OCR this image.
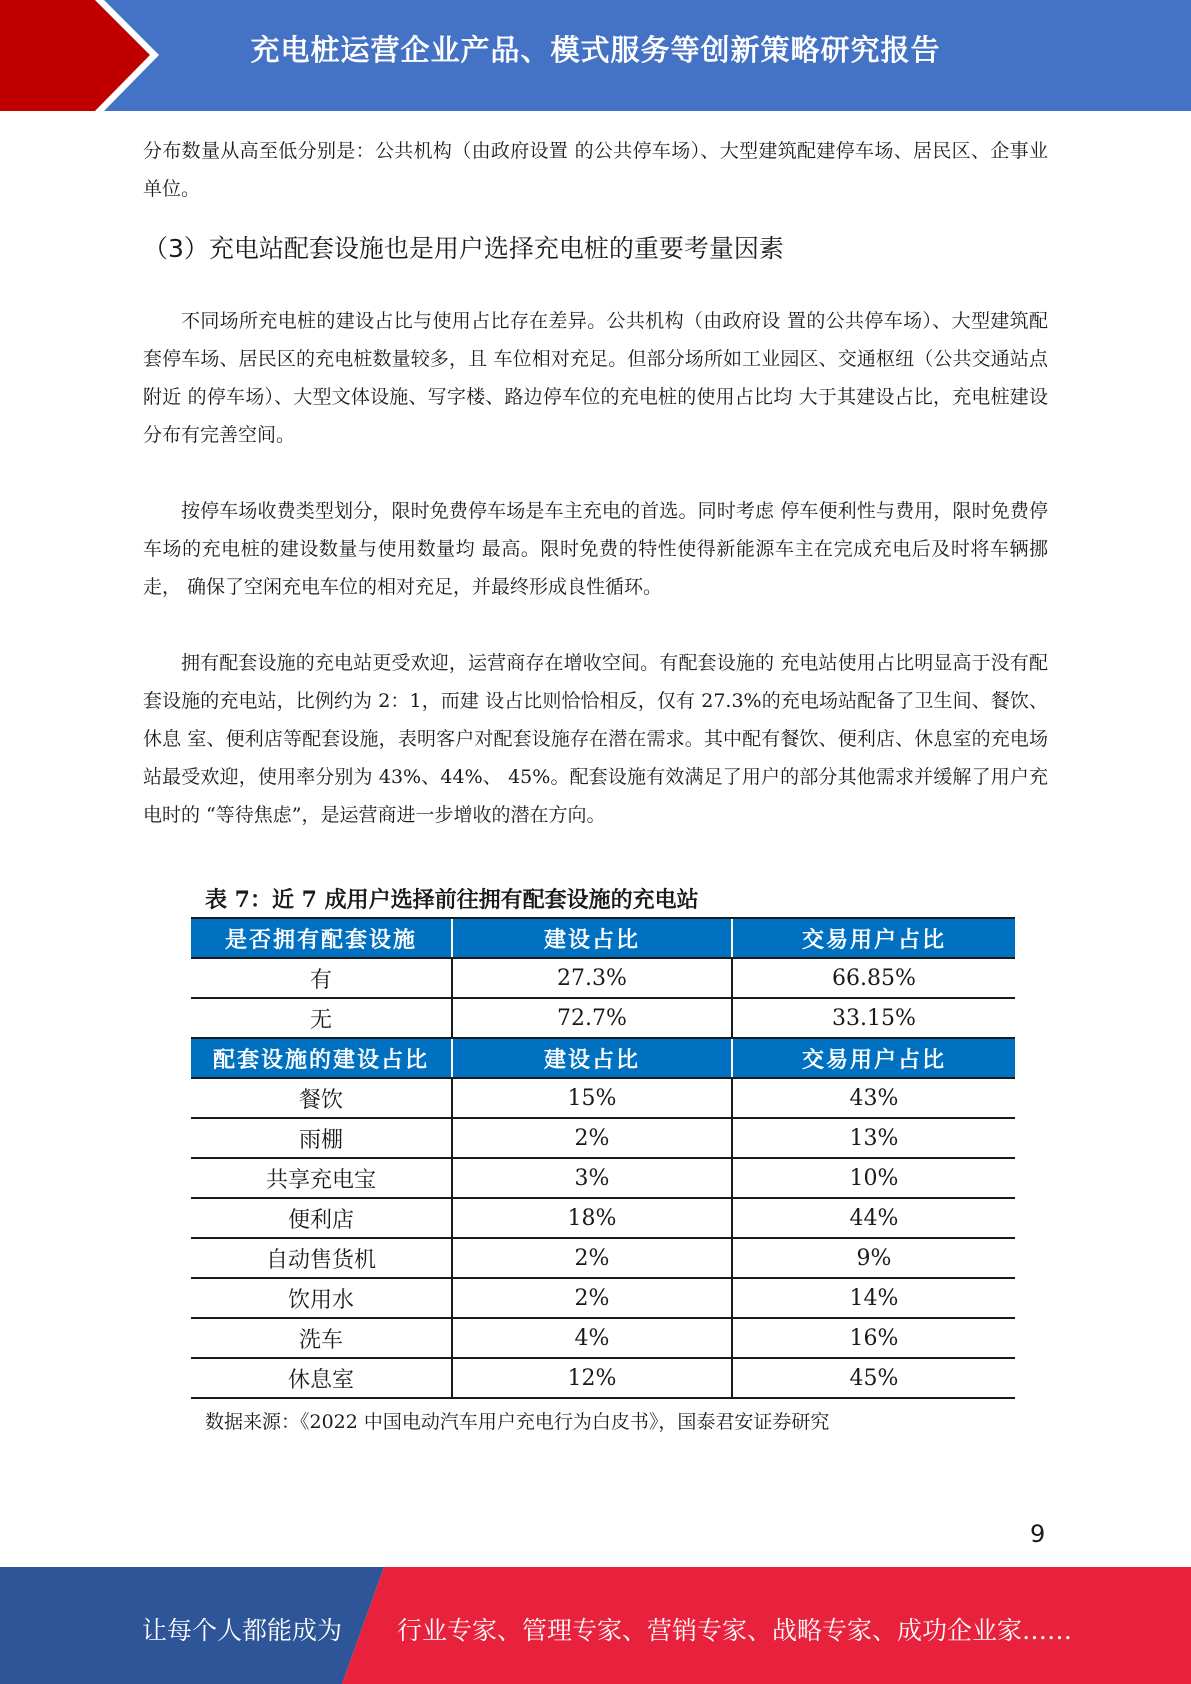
充电桩运营企业产品、模式服务等创新策略研究报告

分布数量从高至低分别是：公共机构（由政府设置 的公共停车场）、大型建筑配建停车场、居民区、企事业单位。

（3）充电站配套设施也是用户选择充电桩的重要考量因素

不同场所充电桩的建设占比与使用占比存在差异。公共机构（由政府设 置的公共停车场）、大型建筑配套停车场、居民区的充电桩数量较多，且 车位相对充足。但部分场所如工业园区、交通枢纽（公共交通站点附近 的停车场）、大型文体设施、写字楼、路边停车位的充电桩的使用占比均 大于其建设占比，充电桩建设分布有完善空间。

按停车场收费类型划分，限时免费停车场是车主充电的首选。同时考虑 停车便利性与费用，限时免费停车场的充电桩的建设数量与使用数量均 最高。限时免费的特性使得新能源车主在完成充电后及时将车辆挪走， 确保了空闲充电车位的相对充足，并最终形成良性循环。

拥有配套设施的充电站更受欢迎，运营商存在增收空间。有配套设施的 充电站使用占比明显高于没有配套设施的充电站，比例约为 2：1，而建 设占比则恰恰相反，仅有 27.3%的充电场站配备了卫生间、餐饮、休息 室、便利店等配套设施，表明客户对配套设施存在潜在需求。其中配有餐饮、便利店、休息室的充电场站最受欢迎，使用率分别为 43%、44%、 45%。配套设施有效满足了用户的部分其他需求并缓解了用户充电时的 “等待焦虑”，是运营商进一步增收的潜在方向。

表 7：近 7 成用户选择前往拥有配套设施的充电站
是否拥有配套设施	建设占比	交易用户占比
有	27.3%	66.85%
无	72.7%	33.15%
配套设施的建设占比	建设占比	交易用户占比
餐饮	15%	43%
雨棚	2%	13%
共享充电宝	3%	10%
便利店	18%	44%
自动售货机	2%	9%
饮用水	2%	14%
洗车	4%	16%
休息室	12%	45%
数据来源：《2022 中国电动汽车用户充电行为白皮书》，国泰君安证券研究
9
让每个人都能成为 行业专家、管理专家、营销专家、战略专家、成功企业家……
